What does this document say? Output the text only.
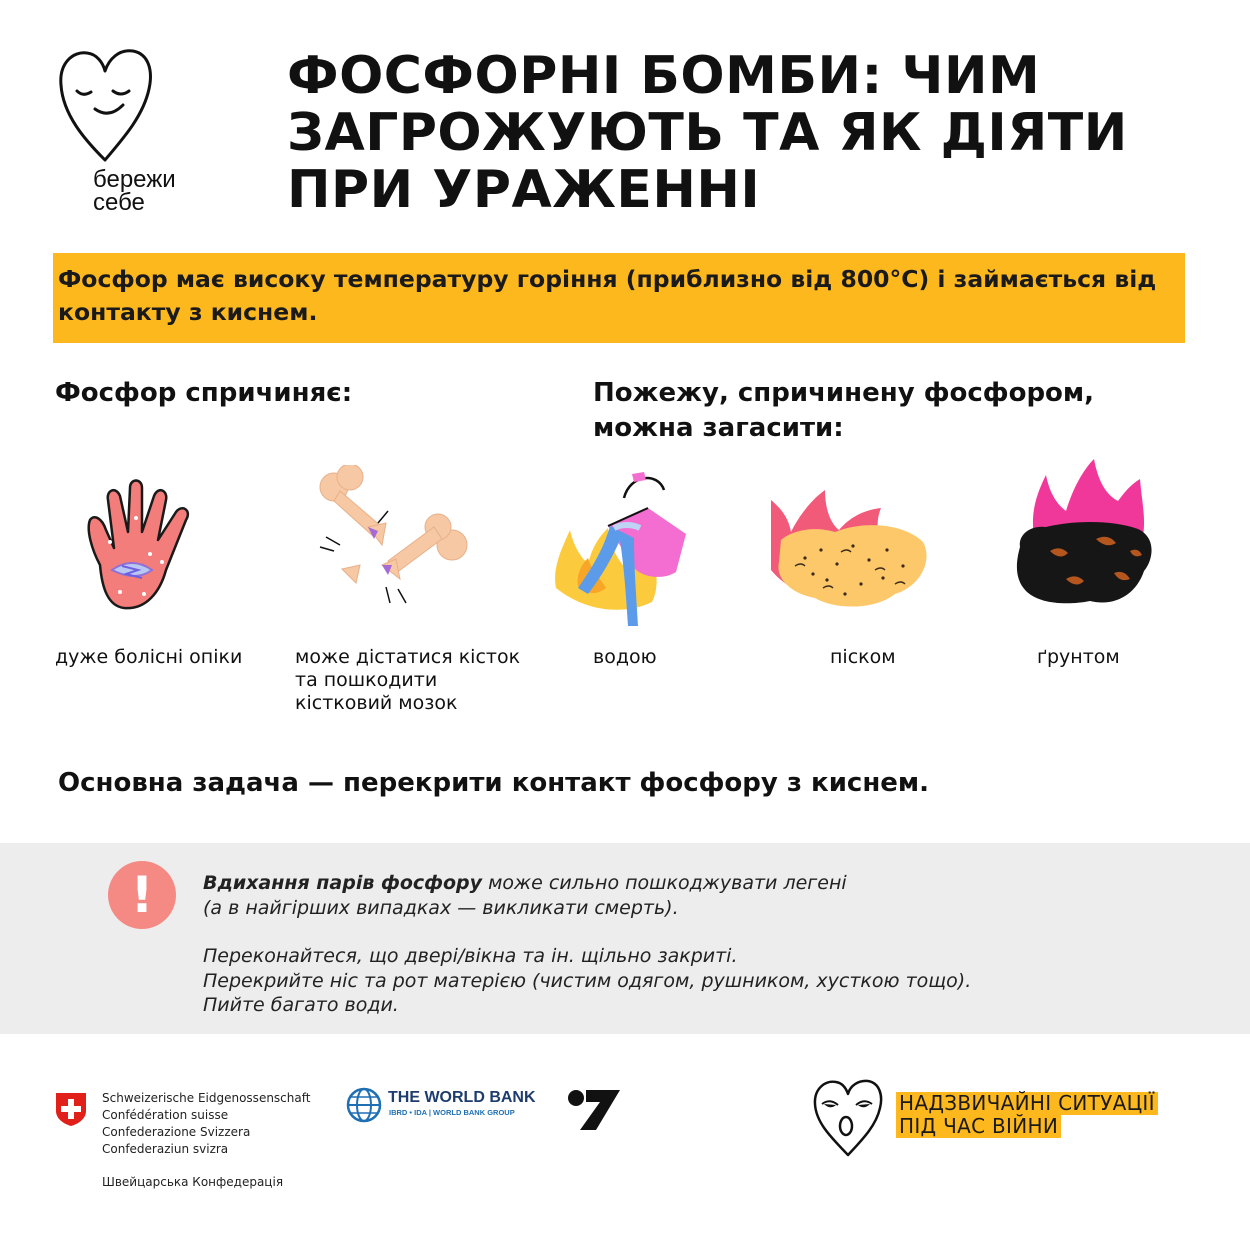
бережи
себе
ФОСФОРНІ БОМБИ: ЧИМ
ЗАГРОЖУЮТЬ ТА ЯК ДІЯТИ
ПРИ УРАЖЕННІ

Фосфор має високу температуру горіння (приблизно від 800°C) і займається від контакту з киснем.

Фосфор спричиняє:	Пожежу, спричинену фосфором,
можна загасити:
дуже болісні опіки	може дістатися кісток
та пошкодити
кістковий мозок
водою	піском	ґрунтом
Основна задача — перекрити контакт фосфору з киснем.
!	Вдихання парів фосфору може сильно пошкоджувати легені
(а в найгірших випадках — викликати смерть).
Переконайтеся, що двері/вікна та ін. щільно закриті.
Перекрийте ніс та рот матерією (чистим одягом, рушником, хусткою тощо).
Пийте багато води.
Schweizerische Eidgenossenschaft
Confédération suisse
Confederazione Svizzera
Confederaziun svizra
Швейцарська Конфедерація
THE WORLD BANK
IBRD • IDA | WORLD BANK GROUP	НАДЗВИЧАЙНІ СИТУАЦІЇ
ПІД ЧАС ВІЙНИ
